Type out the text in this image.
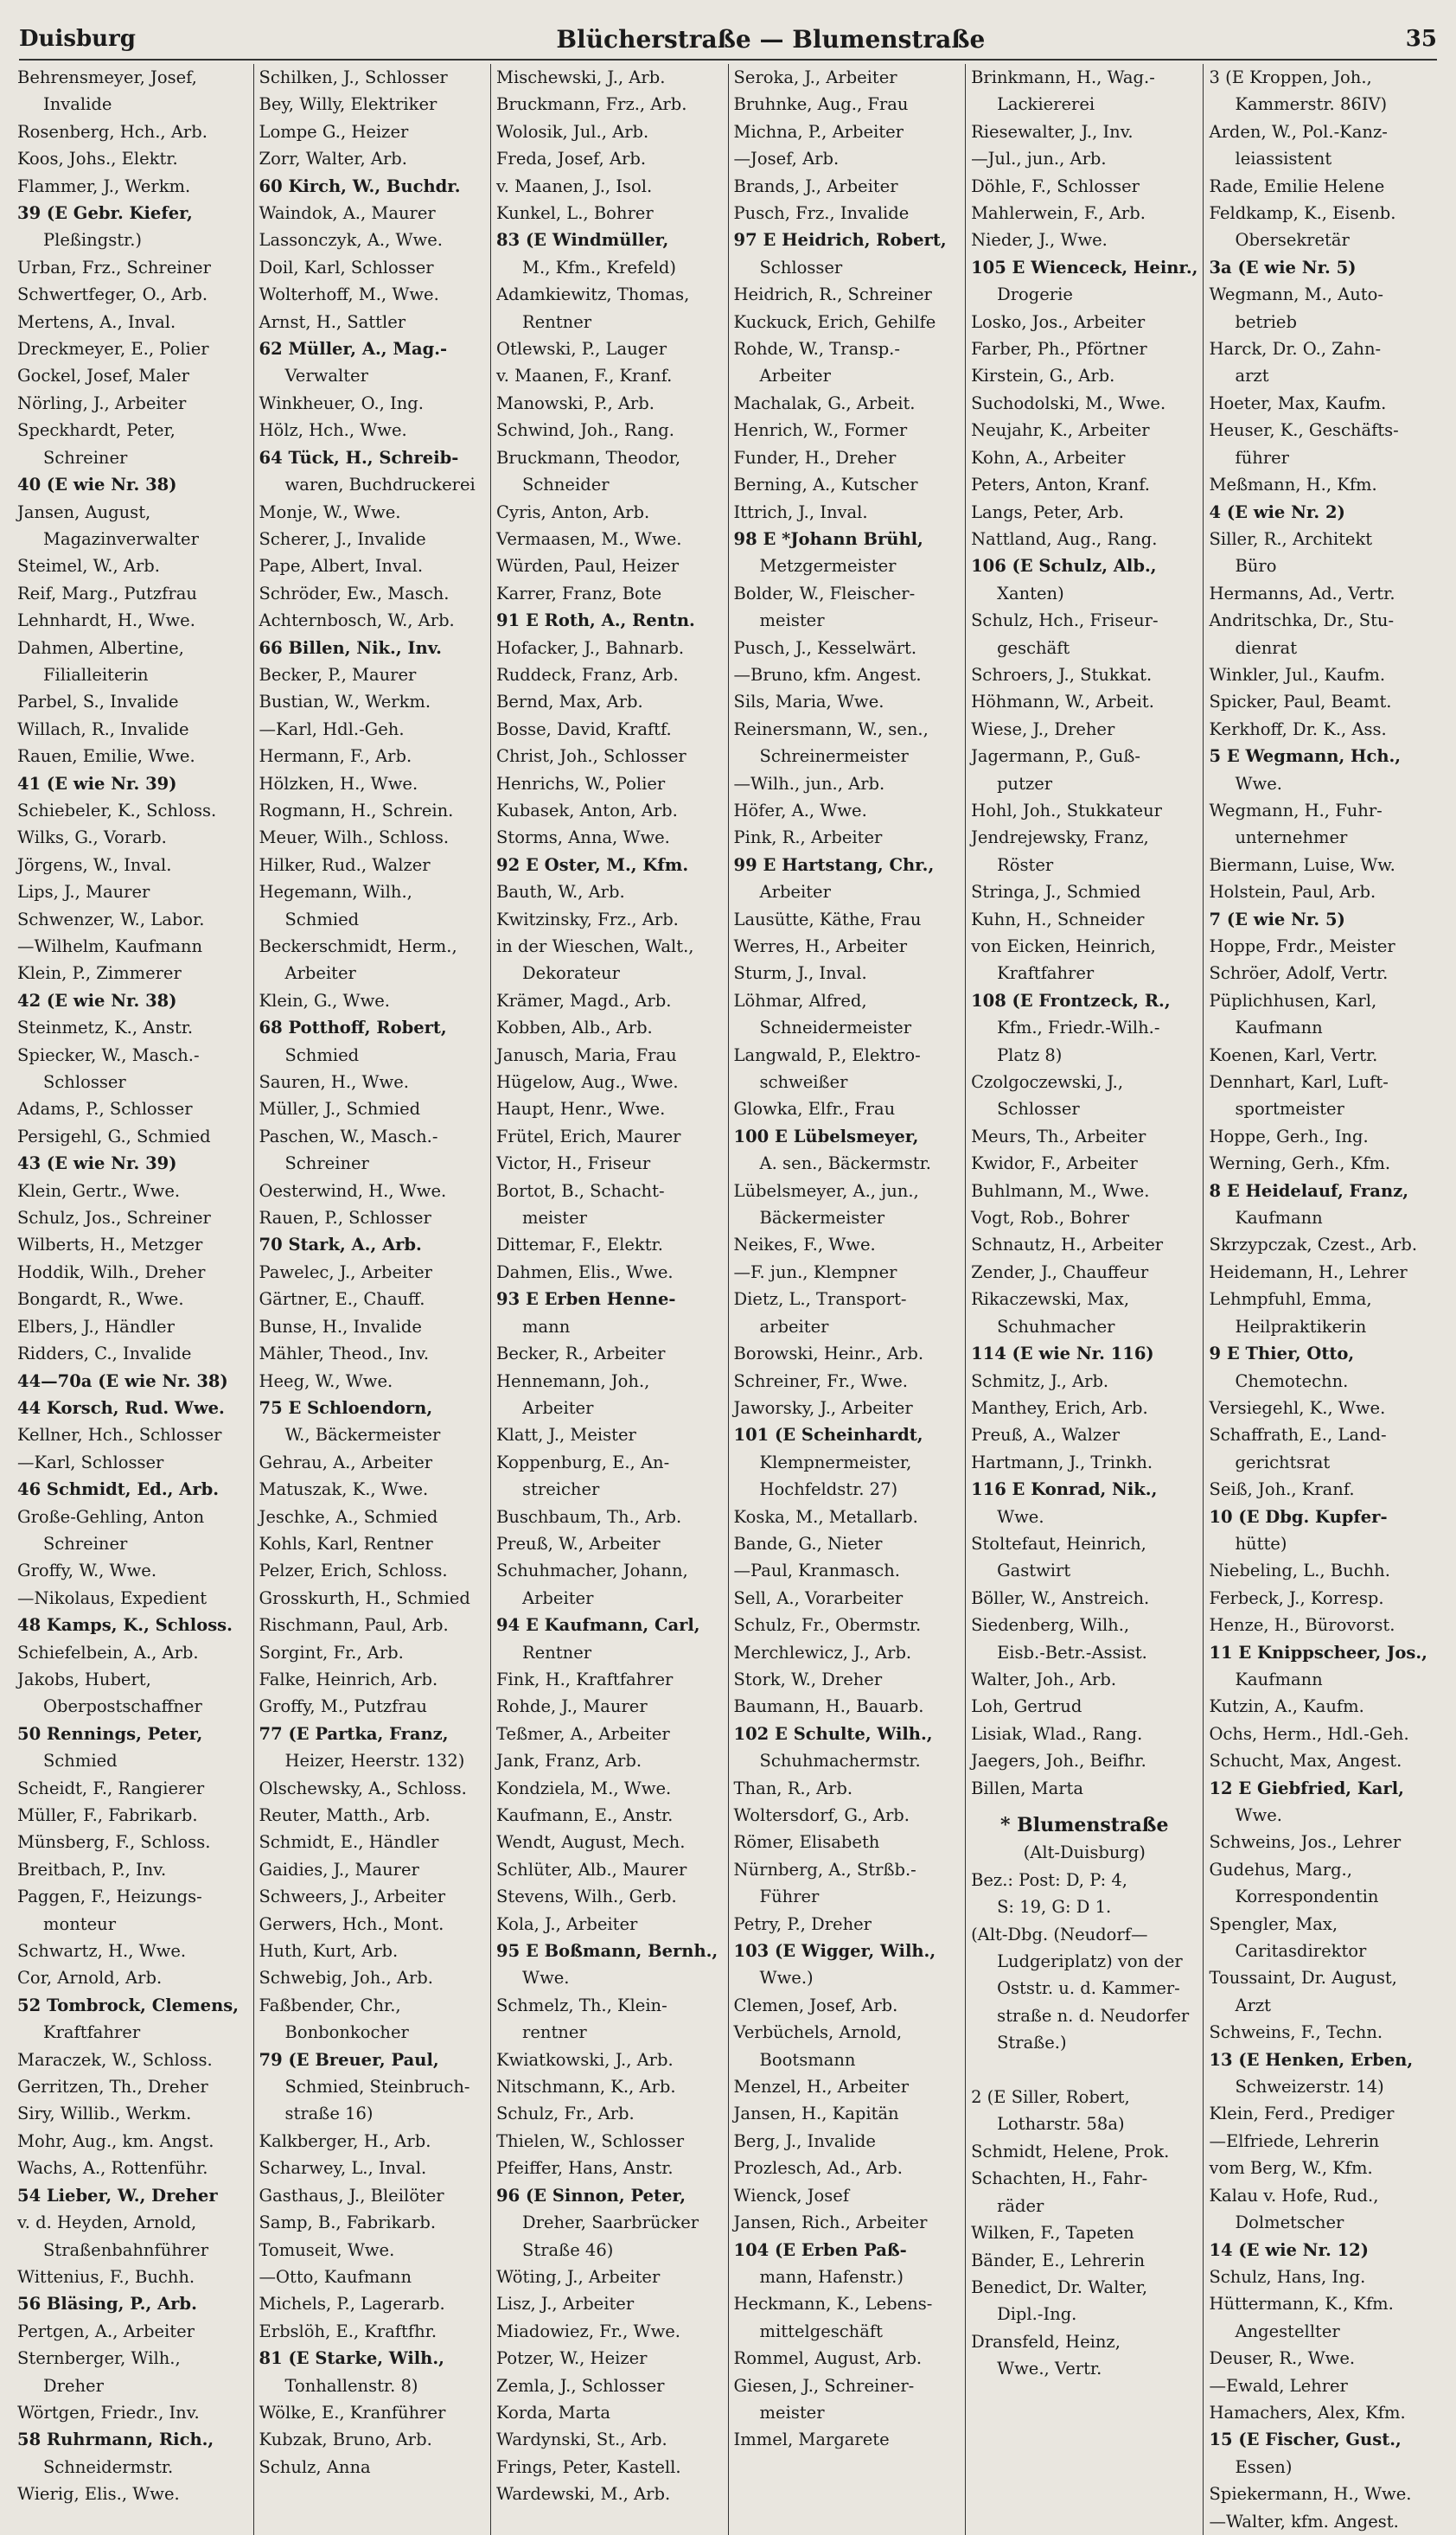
Duisburg	Blücherstraße — Blumenstraße	35
Behrensmeyer, Josef,
Invalide
Rosenberg, Hch., Arb.
Koos, Johs., Elektr.
Flammer, J., Werkm.
39 (E Gebr. Kiefer,
Pleßingstr.)
Urban, Frz., Schreiner
Schwertfeger, O., Arb.
Mertens, A., Inval.
Dreckmeyer, E., Polier
Gockel, Josef, Maler
Nörling, J., Arbeiter
Speckhardt, Peter,
Schreiner
40 (E wie Nr. 38)
Jansen, August,
Magazinverwalter
Steimel, W., Arb.
Reif, Marg., Putzfrau
Lehnhardt, H., Wwe.
Dahmen, Albertine,
Filialleiterin
Parbel, S., Invalide
Willach, R., Invalide
Rauen, Emilie, Wwe.
41 (E wie Nr. 39)
Schiebeler, K., Schloss.
Wilks, G., Vorarb.
Jörgens, W., Inval.
Lips, J., Maurer
Schwenzer, W., Labor.
—Wilhelm, Kaufmann
Klein, P., Zimmerer
42 (E wie Nr. 38)
Steinmetz, K., Anstr.
Spiecker, W., Masch.-
Schlosser
Adams, P., Schlosser
Persigehl, G., Schmied
43 (E wie Nr. 39)
Klein, Gertr., Wwe.
Schulz, Jos., Schreiner
Wilberts, H., Metzger
Hoddik, Wilh., Dreher
Bongardt, R., Wwe.
Elbers, J., Händler
Ridders, C., Invalide
44—70a (E wie Nr. 38)
44 Korsch, Rud. Wwe.
Kellner, Hch., Schlosser
—Karl, Schlosser
46 Schmidt, Ed., Arb.
Große-Gehling, Anton
Schreiner
Groffy, W., Wwe.
—Nikolaus, Expedient
48 Kamps, K., Schloss.
Schiefelbein, A., Arb.
Jakobs, Hubert,
Oberpostschaffner
50 Rennings, Peter,
Schmied
Scheidt, F., Rangierer
Müller, F., Fabrikarb.
Münsberg, F., Schloss.
Breitbach, P., Inv.
Paggen, F., Heizungs-
monteur
Schwartz, H., Wwe.
Cor, Arnold, Arb.
52 Tombrock, Clemens,
Kraftfahrer
Maraczek, W., Schloss.
Gerritzen, Th., Dreher
Siry, Willib., Werkm.
Mohr, Aug., km. Angst.
Wachs, A., Rottenführ.
54 Lieber, W., Dreher
v. d. Heyden, Arnold,
Straßenbahnführer
Wittenius, F., Buchh.
56 Bläsing, P., Arb.
Pertgen, A., Arbeiter
Sternberger, Wilh.,
Dreher
Wörtgen, Friedr., Inv.
58 Ruhrmann, Rich.,
Schneidermstr.
Wierig, Elis., Wwe.
Schilken, J., Schlosser
Bey, Willy, Elektriker
Lompe G., Heizer
Zorr, Walter, Arb.
60 Kirch, W., Buchdr.
Waindok, A., Maurer
Lassonczyk, A., Wwe.
Doil, Karl, Schlosser
Wolterhoff, M., Wwe.
Arnst, H., Sattler
62 Müller, A., Mag.-
Verwalter
Winkheuer, O., Ing.
Hölz, Hch., Wwe.
64 Tück, H., Schreib-
waren, Buchdruckerei
Monje, W., Wwe.
Scherer, J., Invalide
Pape, Albert, Inval.
Schröder, Ew., Masch.
Achternbosch, W., Arb.
66 Billen, Nik., Inv.
Becker, P., Maurer
Bustian, W., Werkm.
—Karl, Hdl.-Geh.
Hermann, F., Arb.
Hölzken, H., Wwe.
Rogmann, H., Schrein.
Meuer, Wilh., Schloss.
Hilker, Rud., Walzer
Hegemann, Wilh.,
Schmied
Beckerschmidt, Herm.,
Arbeiter
Klein, G., Wwe.
68 Potthoff, Robert,
Schmied
Sauren, H., Wwe.
Müller, J., Schmied
Paschen, W., Masch.-
Schreiner
Oesterwind, H., Wwe.
Rauen, P., Schlosser
70 Stark, A., Arb.
Pawelec, J., Arbeiter
Gärtner, E., Chauff.
Bunse, H., Invalide
Mähler, Theod., Inv.
Heeg, W., Wwe.
75 E Schloendorn,
W., Bäckermeister
Gehrau, A., Arbeiter
Matuszak, K., Wwe.
Jeschke, A., Schmied
Kohls, Karl, Rentner
Pelzer, Erich, Schloss.
Grosskurth, H., Schmied
Rischmann, Paul, Arb.
Sorgint, Fr., Arb.
Falke, Heinrich, Arb.
Groffy, M., Putzfrau
77 (E Partka, Franz,
Heizer, Heerstr. 132)
Olschewsky, A., Schloss.
Reuter, Matth., Arb.
Schmidt, E., Händler
Gaidies, J., Maurer
Schweers, J., Arbeiter
Gerwers, Hch., Mont.
Huth, Kurt, Arb.
Schwebig, Joh., Arb.
Faßbender, Chr.,
Bonbonkocher
79 (E Breuer, Paul,
Schmied, Steinbruch-
straße 16)
Kalkberger, H., Arb.
Scharwey, L., Inval.
Gasthaus, J., Bleilöter
Samp, B., Fabrikarb.
Tomuseit, Wwe.
—Otto, Kaufmann
Michels, P., Lagerarb.
Erbslöh, E., Kraftfhr.
81 (E Starke, Wilh.,
Tonhallenstr. 8)
Wölke, E., Kranführer
Kubzak, Bruno, Arb.
Schulz, Anna
Mischewski, J., Arb.
Bruckmann, Frz., Arb.
Wolosik, Jul., Arb.
Freda, Josef, Arb.
v. Maanen, J., Isol.
Kunkel, L., Bohrer
83 (E Windmüller,
M., Kfm., Krefeld)
Adamkiewitz, Thomas,
Rentner
Otlewski, P., Lauger
v. Maanen, F., Kranf.
Manowski, P., Arb.
Schwind, Joh., Rang.
Bruckmann, Theodor,
Schneider
Cyris, Anton, Arb.
Vermaasen, M., Wwe.
Würden, Paul, Heizer
Karrer, Franz, Bote
91 E Roth, A., Rentn.
Hofacker, J., Bahnarb.
Ruddeck, Franz, Arb.
Bernd, Max, Arb.
Bosse, David, Kraftf.
Christ, Joh., Schlosser
Henrichs, W., Polier
Kubasek, Anton, Arb.
Storms, Anna, Wwe.
92 E Oster, M., Kfm.
Bauth, W., Arb.
Kwitzinsky, Frz., Arb.
in der Wieschen, Walt.,
Dekorateur
Krämer, Magd., Arb.
Kobben, Alb., Arb.
Janusch, Maria, Frau
Hügelow, Aug., Wwe.
Haupt, Henr., Wwe.
Frütel, Erich, Maurer
Victor, H., Friseur
Bortot, B., Schacht-
meister
Dittemar, F., Elektr.
Dahmen, Elis., Wwe.
93 E Erben Henne-
mann
Becker, R., Arbeiter
Hennemann, Joh.,
Arbeiter
Klatt, J., Meister
Koppenburg, E., An-
streicher
Buschbaum, Th., Arb.
Preuß, W., Arbeiter
Schuhmacher, Johann,
Arbeiter
94 E Kaufmann, Carl,
Rentner
Fink, H., Kraftfahrer
Rohde, J., Maurer
Teßmer, A., Arbeiter
Jank, Franz, Arb.
Kondziela, M., Wwe.
Kaufmann, E., Anstr.
Wendt, August, Mech.
Schlüter, Alb., Maurer
Stevens, Wilh., Gerb.
Kola, J., Arbeiter
95 E Boßmann, Bernh.,
Wwe.
Schmelz, Th., Klein-
rentner
Kwiatkowski, J., Arb.
Nitschmann, K., Arb.
Schulz, Fr., Arb.
Thielen, W., Schlosser
Pfeiffer, Hans, Anstr.
96 (E Sinnon, Peter,
Dreher, Saarbrücker
Straße 46)
Wöting, J., Arbeiter
Lisz, J., Arbeiter
Miadowiez, Fr., Wwe.
Potzer, W., Heizer
Zemla, J., Schlosser
Korda, Marta
Wardynski, St., Arb.
Frings, Peter, Kastell.
Wardewski, M., Arb.
Seroka, J., Arbeiter
Bruhnke, Aug., Frau
Michna, P., Arbeiter
—Josef, Arb.
Brands, J., Arbeiter
Pusch, Frz., Invalide
97 E Heidrich, Robert,
Schlosser
Heidrich, R., Schreiner
Kuckuck, Erich, Gehilfe
Rohde, W., Transp.-
Arbeiter
Machalak, G., Arbeit.
Henrich, W., Former
Funder, H., Dreher
Berning, A., Kutscher
Ittrich, J., Inval.
98 E *Johann Brühl,
Metzgermeister
Bolder, W., Fleischer-
meister
Pusch, J., Kesselwärt.
—Bruno, kfm. Angest.
Sils, Maria, Wwe.
Reinersmann, W., sen.,
Schreinermeister
—Wilh., jun., Arb.
Höfer, A., Wwe.
Pink, R., Arbeiter
99 E Hartstang, Chr.,
Arbeiter
Lausütte, Käthe, Frau
Werres, H., Arbeiter
Sturm, J., Inval.
Löhmar, Alfred,
Schneidermeister
Langwald, P., Elektro-
schweißer
Glowka, Elfr., Frau
100 E Lübelsmeyer,
A. sen., Bäckermstr.
Lübelsmeyer, A., jun.,
Bäckermeister
Neikes, F., Wwe.
—F. jun., Klempner
Dietz, L., Transport-
arbeiter
Borowski, Heinr., Arb.
Schreiner, Fr., Wwe.
Jaworsky, J., Arbeiter
101 (E Scheinhardt,
Klempnermeister,
Hochfeldstr. 27)
Koska, M., Metallarb.
Bande, G., Nieter
—Paul, Kranmasch.
Sell, A., Vorarbeiter
Schulz, Fr., Obermstr.
Merchlewicz, J., Arb.
Stork, W., Dreher
Baumann, H., Bauarb.
102 E Schulte, Wilh.,
Schuhmachermstr.
Than, R., Arb.
Woltersdorf, G., Arb.
Römer, Elisabeth
Nürnberg, A., Strßb.-
Führer
Petry, P., Dreher
103 (E Wigger, Wilh.,
Wwe.)
Clemen, Josef, Arb.
Verbüchels, Arnold,
Bootsmann
Menzel, H., Arbeiter
Jansen, H., Kapitän
Berg, J., Invalide
Prozlesch, Ad., Arb.
Wienck, Josef
Jansen, Rich., Arbeiter
104 (E Erben Paß-
mann, Hafenstr.)
Heckmann, K., Lebens-
mittelgeschäft
Rommel, August, Arb.
Giesen, J., Schreiner-
meister
Immel, Margarete
Brinkmann, H., Wag.-
Lackiererei
Riesewalter, J., Inv.
—Jul., jun., Arb.
Döhle, F., Schlosser
Mahlerwein, F., Arb.
Nieder, J., Wwe.
105 E Wienceck, Heinr.,
Drogerie
Losko, Jos., Arbeiter
Farber, Ph., Pförtner
Kirstein, G., Arb.
Suchodolski, M., Wwe.
Neujahr, K., Arbeiter
Kohn, A., Arbeiter
Peters, Anton, Kranf.
Langs, Peter, Arb.
Nattland, Aug., Rang.
106 (E Schulz, Alb.,
Xanten)
Schulz, Hch., Friseur-
geschäft
Schroers, J., Stukkat.
Höhmann, W., Arbeit.
Wiese, J., Dreher
Jagermann, P., Guß-
putzer
Hohl, Joh., Stukkateur
Jendrejewsky, Franz,
Röster
Stringa, J., Schmied
Kuhn, H., Schneider
von Eicken, Heinrich,
Kraftfahrer
108 (E Frontzeck, R.,
Kfm., Friedr.-Wilh.-
Platz 8)
Czolgoczewski, J.,
Schlosser
Meurs, Th., Arbeiter
Kwidor, F., Arbeiter
Buhlmann, M., Wwe.
Vogt, Rob., Bohrer
Schnautz, H., Arbeiter
Zender, J., Chauffeur
Rikaczewski, Max,
Schuhmacher
114 (E wie Nr. 116)
Schmitz, J., Arb.
Manthey, Erich, Arb.
Preuß, A., Walzer
Hartmann, J., Trinkh.
116 E Konrad, Nik.,
Wwe.
Stoltefaut, Heinrich,
Gastwirt
Böller, W., Anstreich.
Siedenberg, Wilh.,
Eisb.-Betr.-Assist.
Walter, Joh., Arb.
Loh, Gertrud
Lisiak, Wlad., Rang.
Jaegers, Joh., Beifhr.
Billen, Marta
* Blumenstraße
(Alt-Duisburg)
Bez.: Post: D, P: 4,
S: 19, G: D 1.
(Alt-Dbg. (Neudorf—
Ludgeriplatz) von der
Oststr. u. d. Kammer-
straße n. d. Neudorfer
Straße.)

2 (E Siller, Robert,
Lotharstr. 58a)
Schmidt, Helene, Prok.
Schachten, H., Fahr-
räder
Wilken, F., Tapeten
Bänder, E., Lehrerin
Benedict, Dr. Walter,
Dipl.-Ing.
Dransfeld, Heinz,
Wwe., Vertr.
3 (E Kroppen, Joh.,
Kammerstr. 86IV)
Arden, W., Pol.-Kanz-
leiassistent
Rade, Emilie Helene
Feldkamp, K., Eisenb.
Obersekretär
3a (E wie Nr. 5)
Wegmann, M., Auto-
betrieb
Harck, Dr. O., Zahn-
arzt
Hoeter, Max, Kaufm.
Heuser, K., Geschäfts-
führer
Meßmann, H., Kfm.
4 (E wie Nr. 2)
Siller, R., Architekt
Büro
Hermanns, Ad., Vertr.
Andritschka, Dr., Stu-
dienrat
Winkler, Jul., Kaufm.
Spicker, Paul, Beamt.
Kerkhoff, Dr. K., Ass.
5 E Wegmann, Hch.,
Wwe.
Wegmann, H., Fuhr-
unternehmer
Biermann, Luise, Ww.
Holstein, Paul, Arb.
7 (E wie Nr. 5)
Hoppe, Frdr., Meister
Schröer, Adolf, Vertr.
Püplichhusen, Karl,
Kaufmann
Koenen, Karl, Vertr.
Dennhart, Karl, Luft-
sportmeister
Hoppe, Gerh., Ing.
Werning, Gerh., Kfm.
8 E Heidelauf, Franz,
Kaufmann
Skrzypczak, Czest., Arb.
Heidemann, H., Lehrer
Lehmpfuhl, Emma,
Heilpraktikerin
9 E Thier, Otto,
Chemotechn.
Versiegehl, K., Wwe.
Schaffrath, E., Land-
gerichtsrat
Seiß, Joh., Kranf.
10 (E Dbg. Kupfer-
hütte)
Niebeling, L., Buchh.
Ferbeck, J., Korresp.
Henze, H., Bürovorst.
11 E Knippscheer, Jos.,
Kaufmann
Kutzin, A., Kaufm.
Ochs, Herm., Hdl.-Geh.
Schucht, Max, Angest.
12 E Giebfried, Karl,
Wwe.
Schweins, Jos., Lehrer
Gudehus, Marg.,
Korrespondentin
Spengler, Max,
Caritasdirektor
Toussaint, Dr. August,
Arzt
Schweins, F., Techn.
13 (E Henken, Erben,
Schweizerstr. 14)
Klein, Ferd., Prediger
—Elfriede, Lehrerin
vom Berg, W., Kfm.
Kalau v. Hofe, Rud.,
Dolmetscher
14 (E wie Nr. 12)
Schulz, Hans, Ing.
Hüttermann, K., Kfm.
Angestellter
Deuser, R., Wwe.
—Ewald, Lehrer
Hamachers, Alex, Kfm.
15 (E Fischer, Gust.,
Essen)
Spiekermann, H., Wwe.
—Walter, kfm. Angest.
